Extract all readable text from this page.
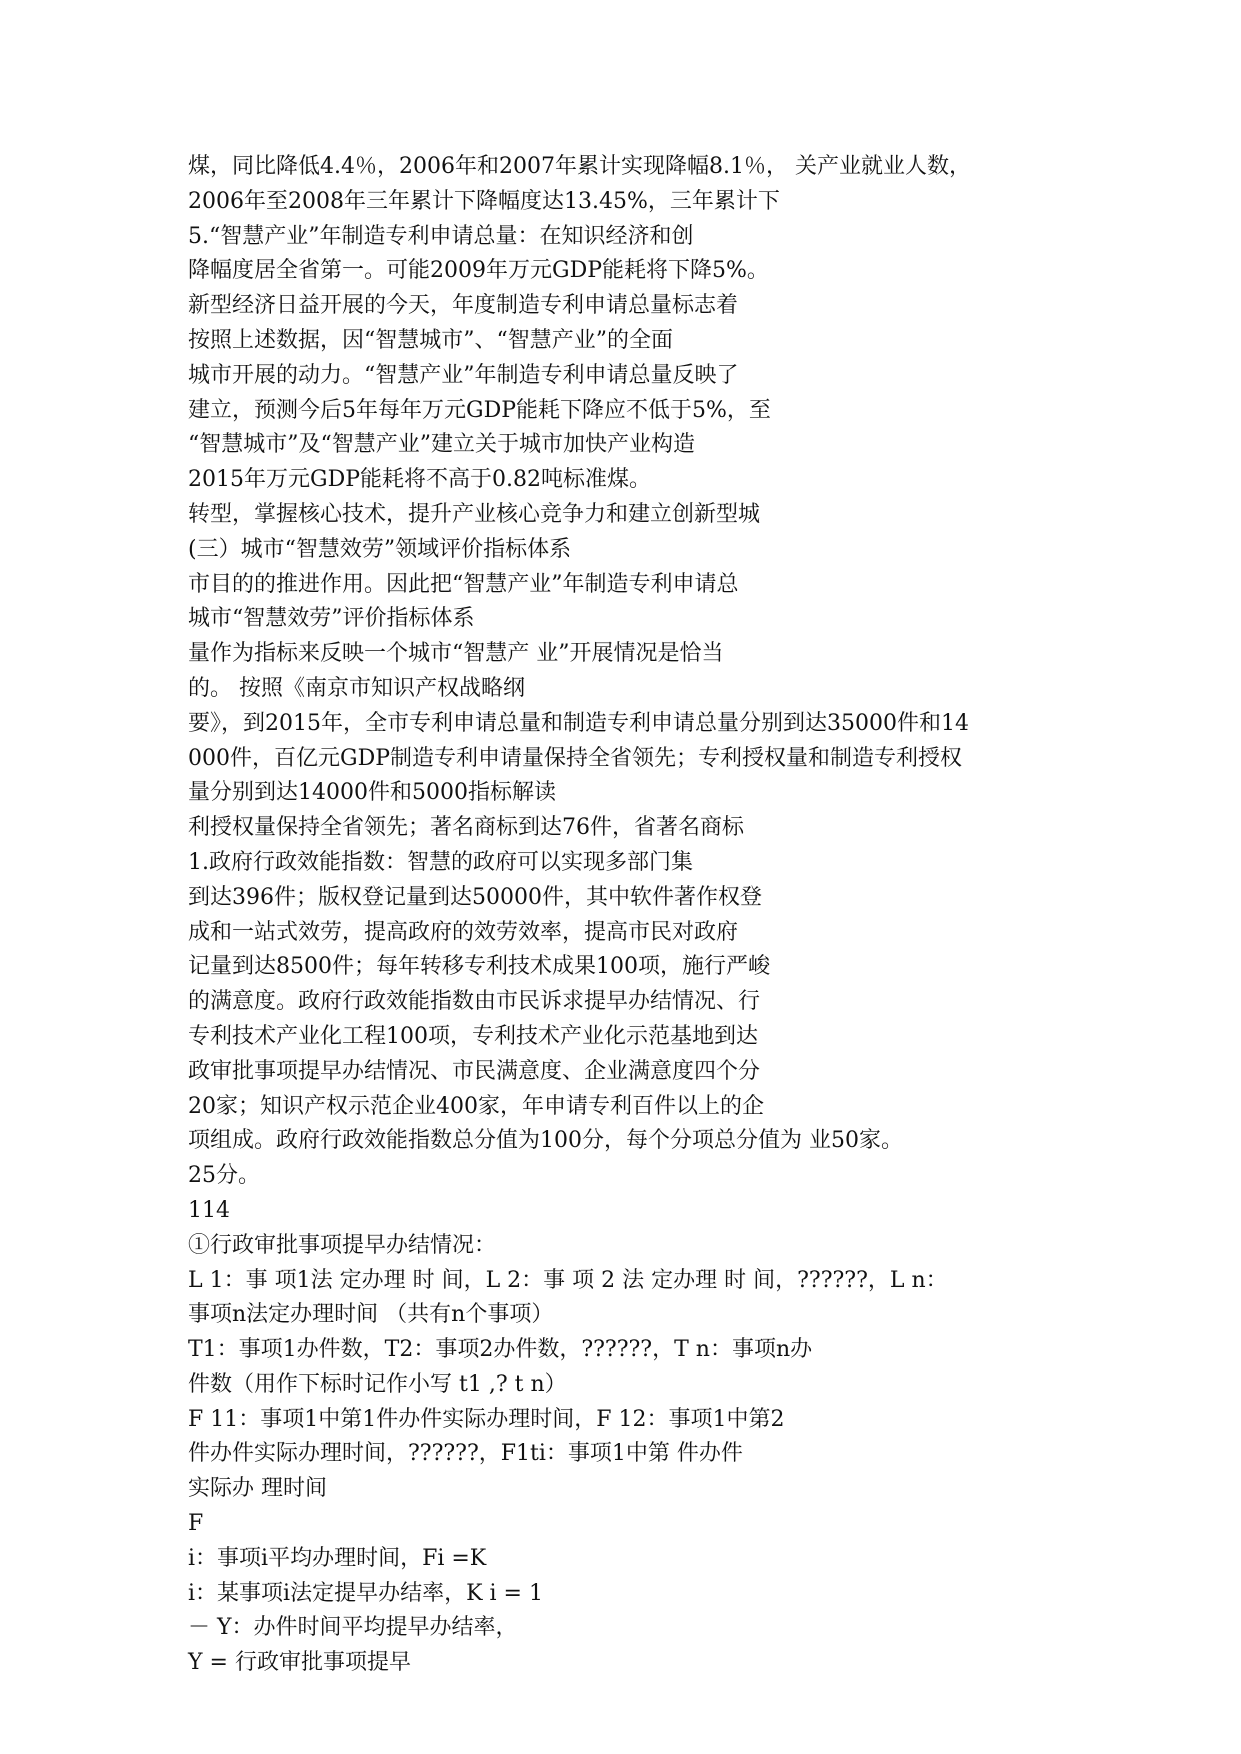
煤，同比降低4.4％，2006年和2007年累计实现降幅8.1％， 关产业就业人数，
2006年至2008年三年累计下降幅度达13.45%，三年累计下
5.“智慧产业”年制造专利申请总量：在知识经济和创
降幅度居全省第一。可能2009年万元GDP能耗将下降5%。
新型经济日益开展的今天，年度制造专利申请总量标志着
按照上述数据，因“智慧城市”、“智慧产业”的全面
城市开展的动力。“智慧产业”年制造专利申请总量反映了
建立，预测今后5年每年万元GDP能耗下降应不低于5%，至
“智慧城市”及“智慧产业”建立关于城市加快产业构造
2015年万元GDP能耗将不高于0.82吨标准煤。
转型，掌握核心技术，提升产业核心竞争力和建立创新型城
(三）城市“智慧效劳”领域评价指标体系
市目的的推进作用。因此把“智慧产业”年制造专利申请总
城市“智慧效劳”评价指标体系
量作为指标来反映一个城市“智慧产 业”开展情况是恰当
的。 按照《南京市知识产权战略纲
要》，到2015年，全市专利申请总量和制造专利申请总量分别到达35000件和14
000件，百亿元GDP制造专利申请量保持全省领先；专利授权量和制造专利授权
量分别到达14000件和5000指标解读
利授权量保持全省领先；著名商标到达76件，省著名商标
1.政府行政效能指数：智慧的政府可以实现多部门集
到达396件；版权登记量到达50000件，其中软件著作权登
成和一站式效劳，提高政府的效劳效率，提高市民对政府
记量到达8500件；每年转移专利技术成果100项，施行严峻
的满意度。政府行政效能指数由市民诉求提早办结情况、行
专利技术产业化工程100项，专利技术产业化示范基地到达
政审批事项提早办结情况、市民满意度、企业满意度四个分
20家；知识产权示范企业400家，年申请专利百件以上的企
项组成。政府行政效能指数总分值为100分，每个分项总分值为 业50家。
25分。
114
①行政审批事项提早办结情况：
L 1：事 项1法 定办理 时 间，L 2：事 项 2 法 定办理 时 间，??????，L n：
事项n法定办理时间 （共有n个事项）
T1：事项1办件数，T2：事项2办件数，??????，T n：事项n办
件数（用作下标时记作小写 t1 ,? t n）
F 11：事项1中第1件办件实际办理时间，F 12：事项1中第2
件办件实际办理时间，??????，F1ti：事项1中第 件办件
实际办 理时间
F
i：事项i平均办理时间，Fi =K
i：某事项i法定提早办结率，K i = 1
－ Y：办件时间平均提早办结率，
Y = 行政审批事项提早
